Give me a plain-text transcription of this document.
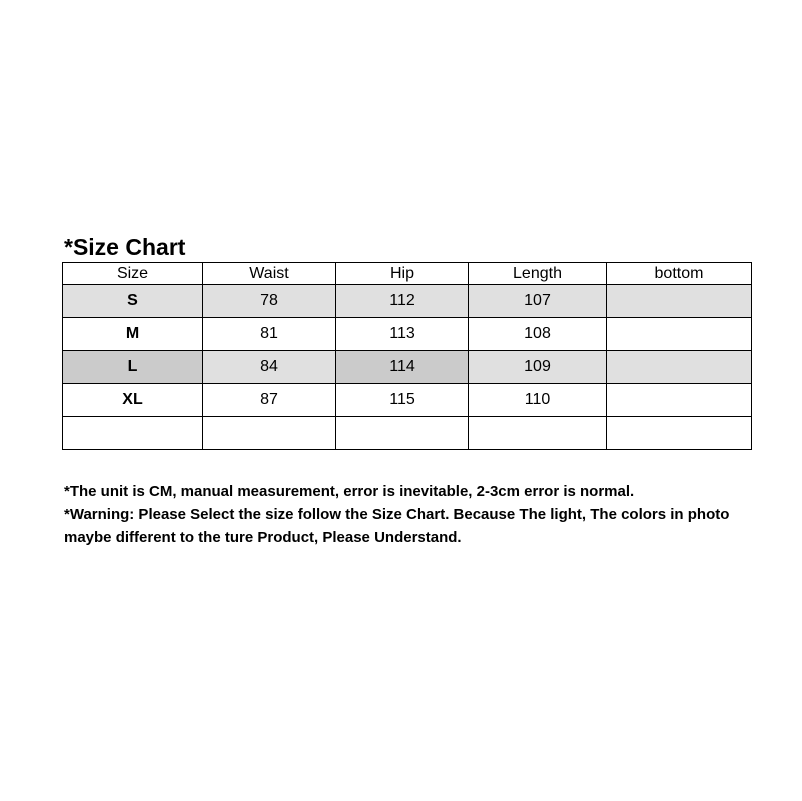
*Size Chart
Size	Waist	Hip	Length	bottom
S	78	112	107	
M	81	113	108	
L	84	114	109	
XL	87	115	110	

*The unit is CM, manual measurement, error is inevitable, 2-3cm error is normal.

*Warning: Please Select the size follow the Size Chart. Because The light, The colors in photo maybe different to the ture Product, Please Understand.
